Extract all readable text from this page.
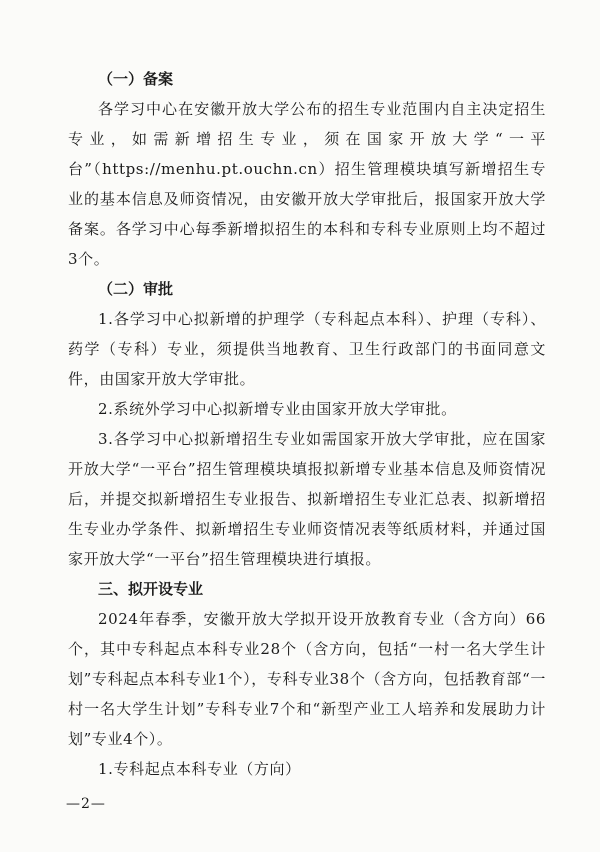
（一）备案

各学习中心在安徽开放大学公布的招生专业范围内自主决定招生专业，如需新增招生专业，须在国家开放大学“一平台”（https://menhu.pt.ouchn.cn）招生管理模块填写新增招生专业的基本信息及师资情况，由安徽开放大学审批后，报国家开放大学备案。各学习中心每季新增拟招生的本科和专科专业原则上均不超过3个。

（二）审批

1.各学习中心拟新增的护理学（专科起点本科）、护理（专科）、药学（专科）专业，须提供当地教育、卫生行政部门的书面同意文件，由国家开放大学审批。

2.系统外学习中心拟新增专业由国家开放大学审批。

3.各学习中心拟新增招生专业如需国家开放大学审批，应在国家开放大学“一平台”招生管理模块填报拟新增专业基本信息及师资情况后，并提交拟新增招生专业报告、拟新增招生专业汇总表、拟新增招生专业办学条件、拟新增招生专业师资情况表等纸质材料，并通过国家开放大学“一平台”招生管理模块进行填报。

三、拟开设专业

2024年春季，安徽开放大学拟开设开放教育专业（含方向）66个，其中专科起点本科专业28个（含方向，包括“一村一名大学生计划”专科起点本科专业1个），专科专业38个（含方向，包括教育部“一村一名大学生计划”专科专业7个和“新型产业工人培养和发展助力计划”专业4个）。

1.专科起点本科专业（方向）

—2—
